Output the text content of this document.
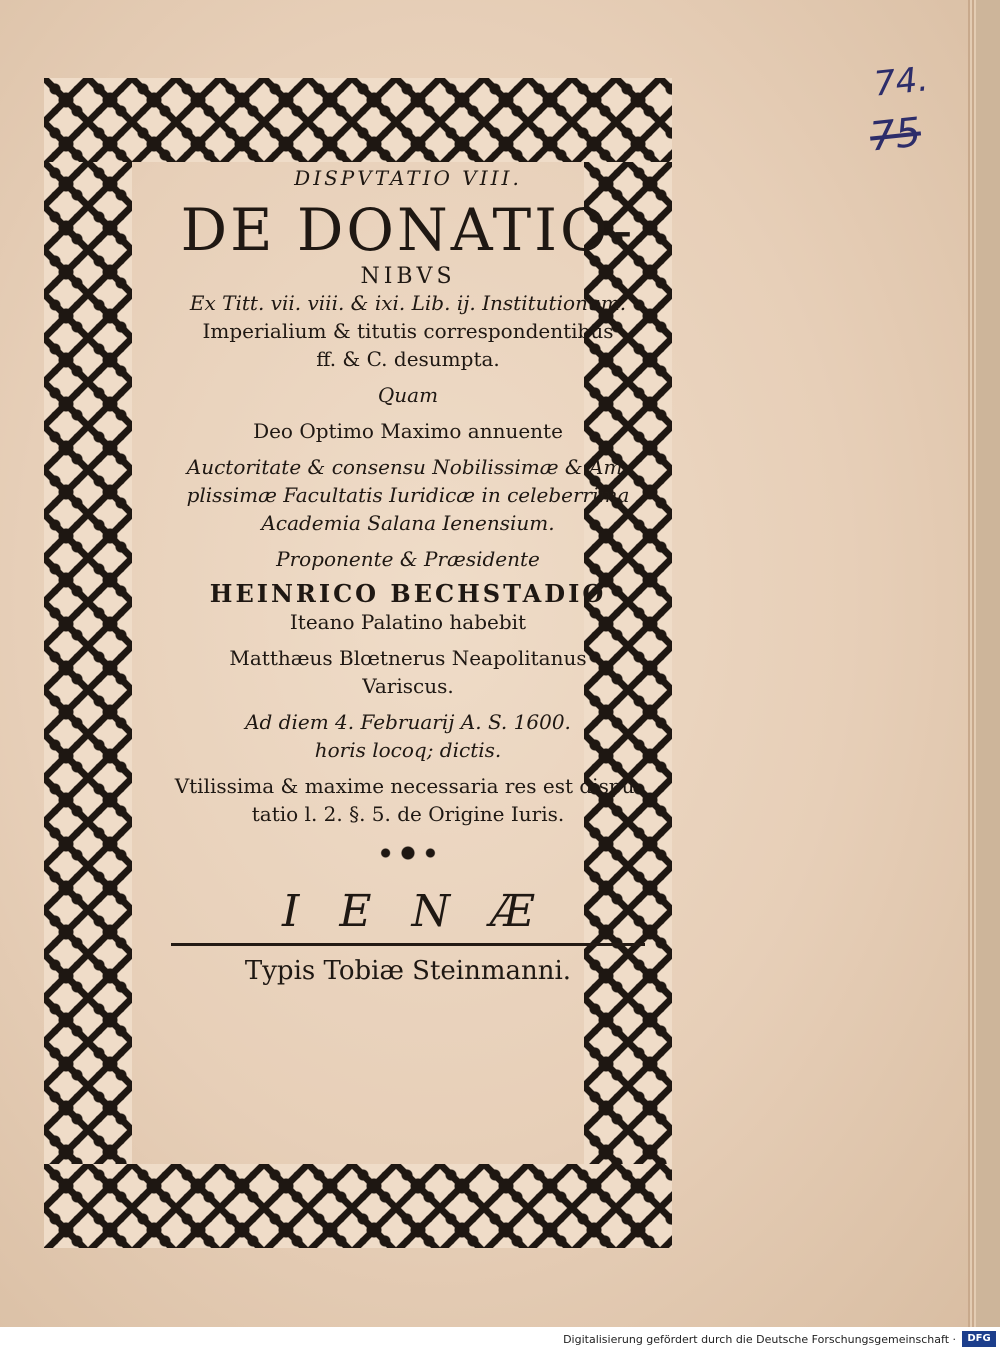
DISPVTATIO VIII.
DE DONATIO-
NIBVS
Ex Titt. vii. viii. & ixi. Lib. ij. Institutionum.
Imperialium & titutis correspondentibus
ff. & C. desumpta.
Quam
Deo Optimo Maximo annuente
Auctoritate & consensu Nobilissimæ & Am-
plissimæ Facultatis Iuridicæ in celeberrima
Academia Salana Ienensium.
Proponente & Præsidente
HEINRICO BECHSTADIO
Iteano Palatino habebit
Matthæus Blœtnerus Neapolitanus
Variscus.
Ad diem 4. Februarij A. S. 1600.
horis locoq; dictis.
Vtilissima & maxime necessaria res est dispu-
tatio l. 2. §. 5. de Origine Iuris.
IENÆ
Typis Tobiæ Steinmanni.
74.
75
Digitalisierung gefördert durch die Deutsche Forschungsgemeinschaft ·	DFG
